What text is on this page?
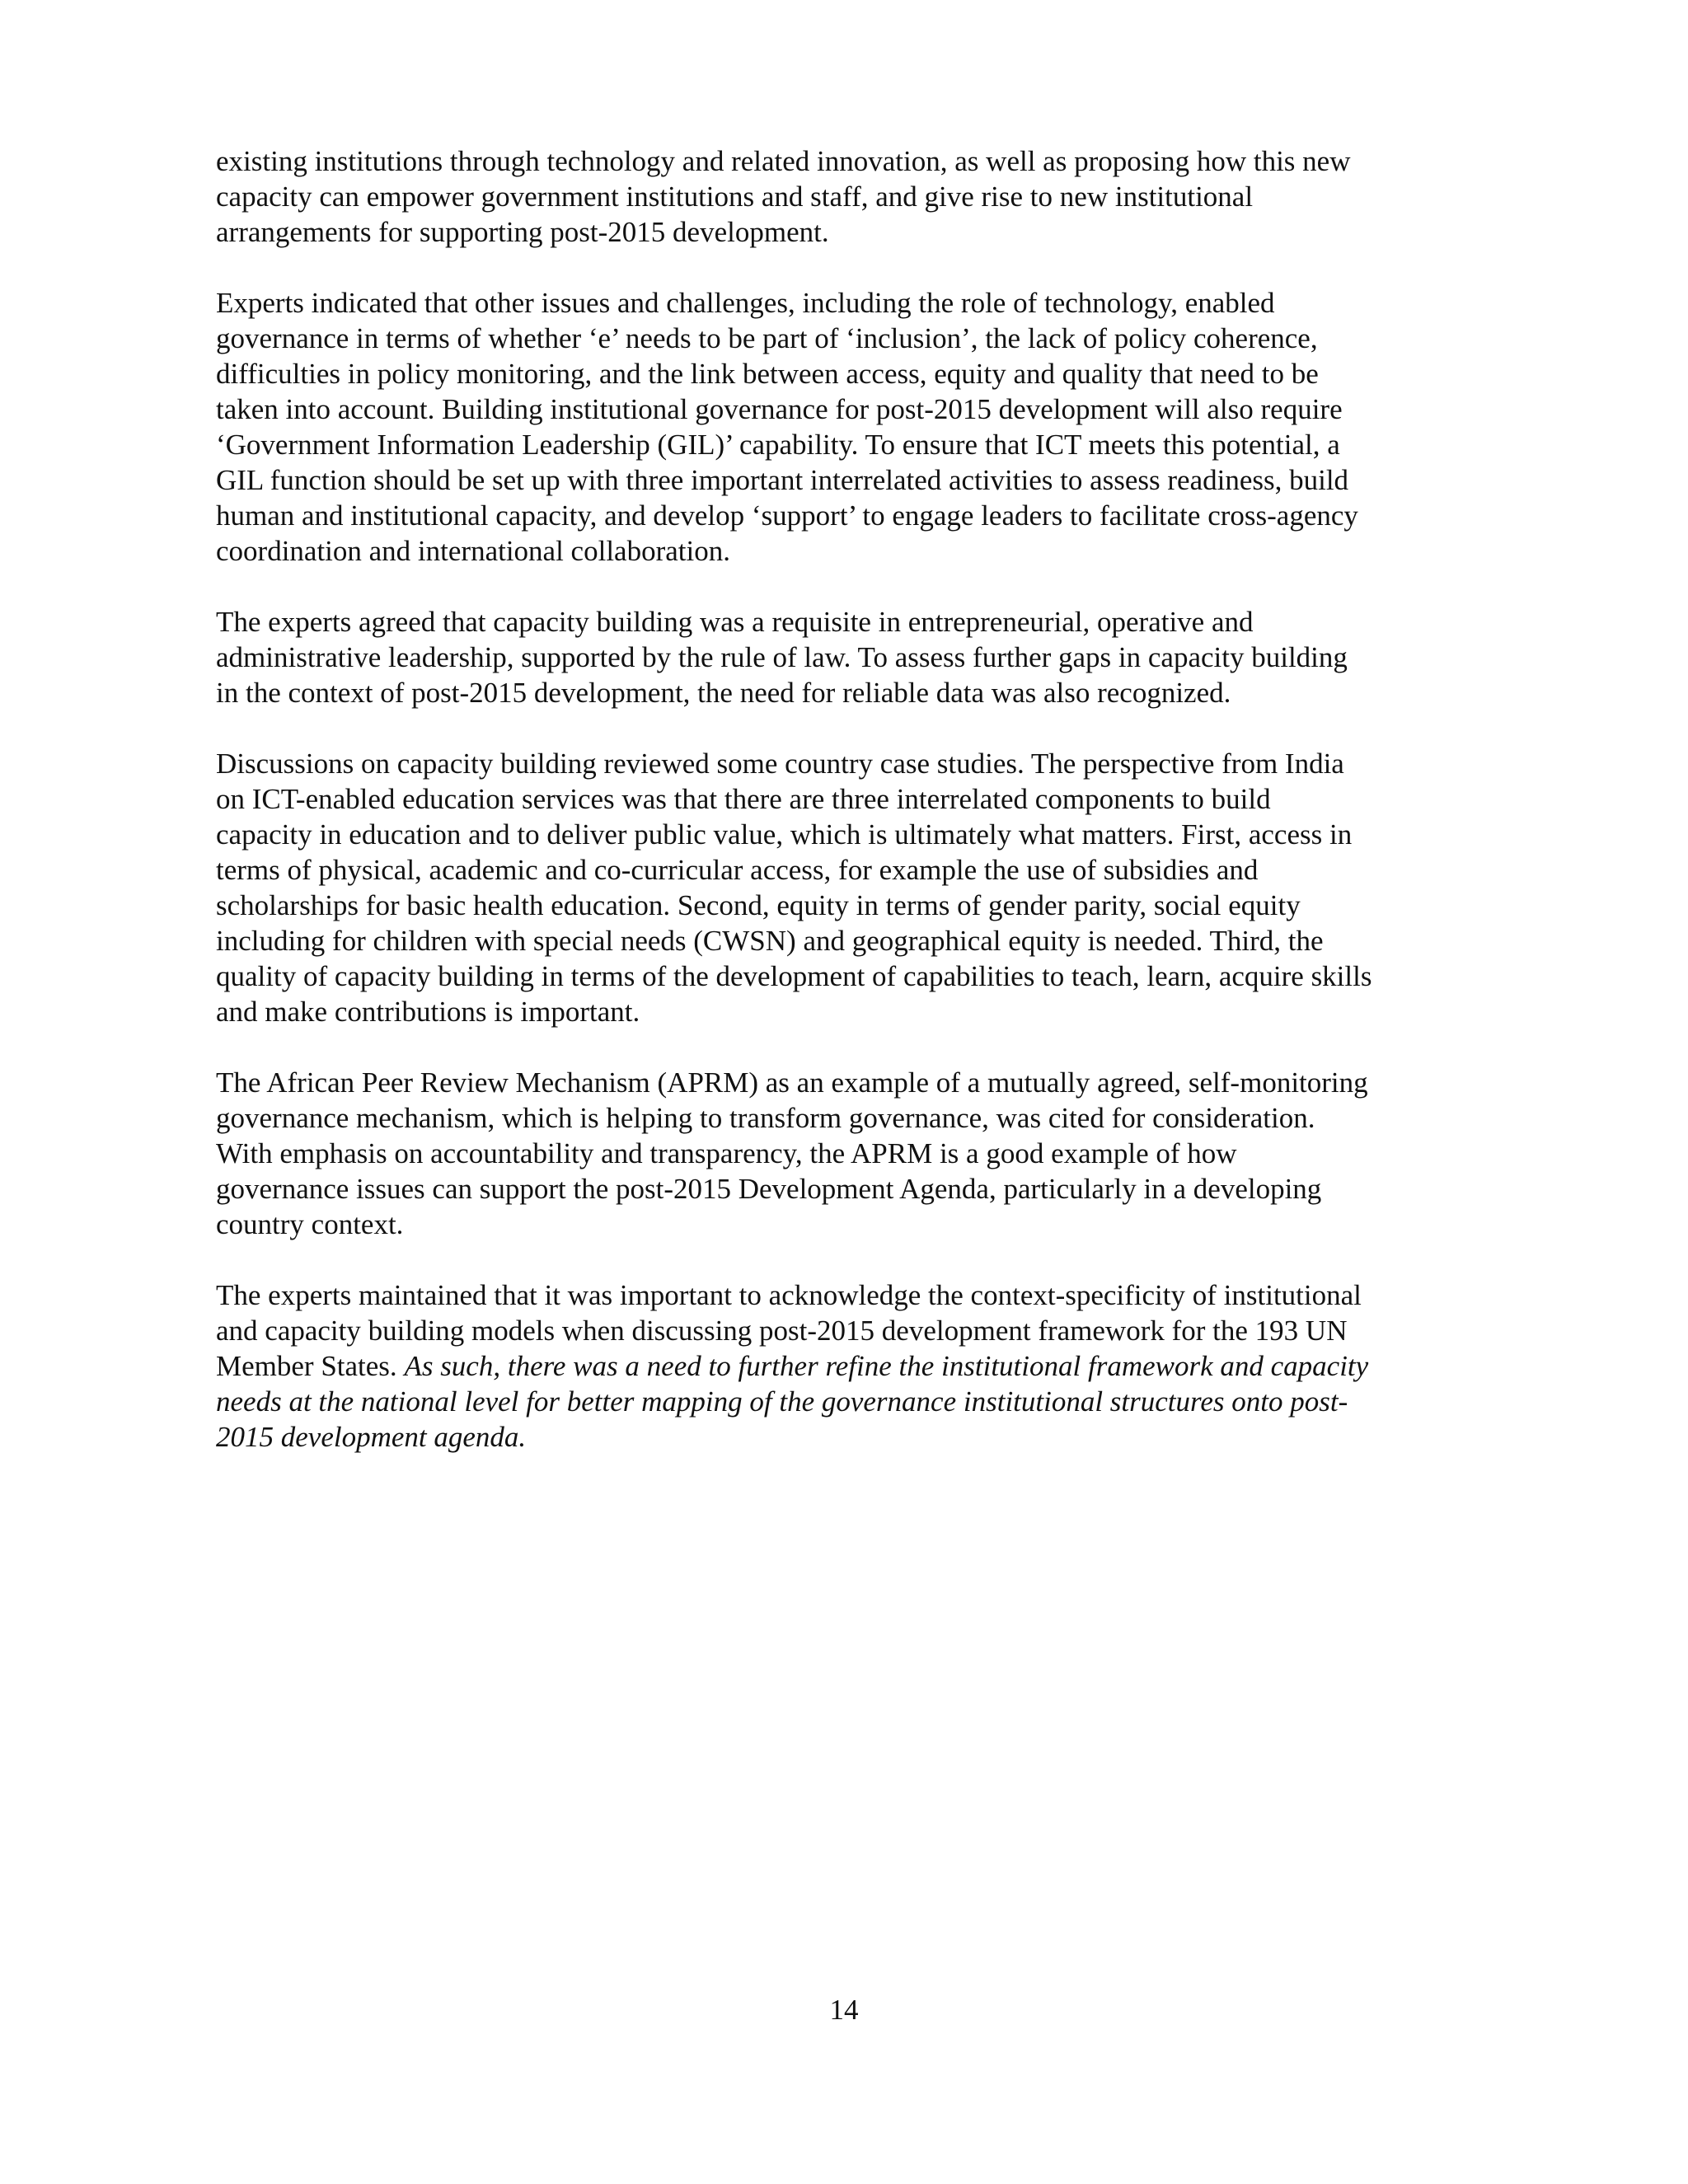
existing institutions through technology and related innovation, as well as proposing how this new
capacity can empower government institutions and staff, and give rise to new institutional
arrangements for supporting post-2015 development.

Experts indicated that other issues and challenges, including the role of technology, enabled
governance in terms of whether ‘e’ needs to be part of ‘inclusion’, the lack of policy coherence,
difficulties in policy monitoring, and the link between access, equity and quality that need to be
taken into account. Building institutional governance for post-2015 development will also require
‘Government Information Leadership (GIL)’ capability. To ensure that ICT meets this potential, a
GIL function should be set up with three important interrelated activities to assess readiness, build
human and institutional capacity, and develop ‘support’ to engage leaders to facilitate cross-agency
coordination and international collaboration.

The experts agreed that capacity building was a requisite in entrepreneurial, operative and
administrative leadership, supported by the rule of law. To assess further gaps in capacity building
in the context of post-2015 development, the need for reliable data was also recognized.

Discussions on capacity building reviewed some country case studies. The perspective from India
on ICT-enabled education services was that there are three interrelated components to build
capacity in education and to deliver public value, which is ultimately what matters. First, access in
terms of physical, academic and co-curricular access, for example the use of subsidies and
scholarships for basic health education. Second, equity in terms of gender parity, social equity
including for children with special needs (CWSN) and geographical equity is needed. Third, the
quality of capacity building in terms of the development of capabilities to teach, learn, acquire skills
and make contributions is important.

The African Peer Review Mechanism (APRM) as an example of a mutually agreed, self-monitoring
governance mechanism, which is helping to transform governance, was cited for consideration.
With emphasis on accountability and transparency, the APRM is a good example of how
governance issues can support the post-2015 Development Agenda, particularly in a developing
country context.

The experts maintained that it was important to acknowledge the context-specificity of institutional
and capacity building models when discussing post-2015 development framework for the 193 UN
Member States. As such, there was a need to further refine the institutional framework and capacity
needs at the national level for better mapping of the governance institutional structures onto post-
2015 development agenda.

14
